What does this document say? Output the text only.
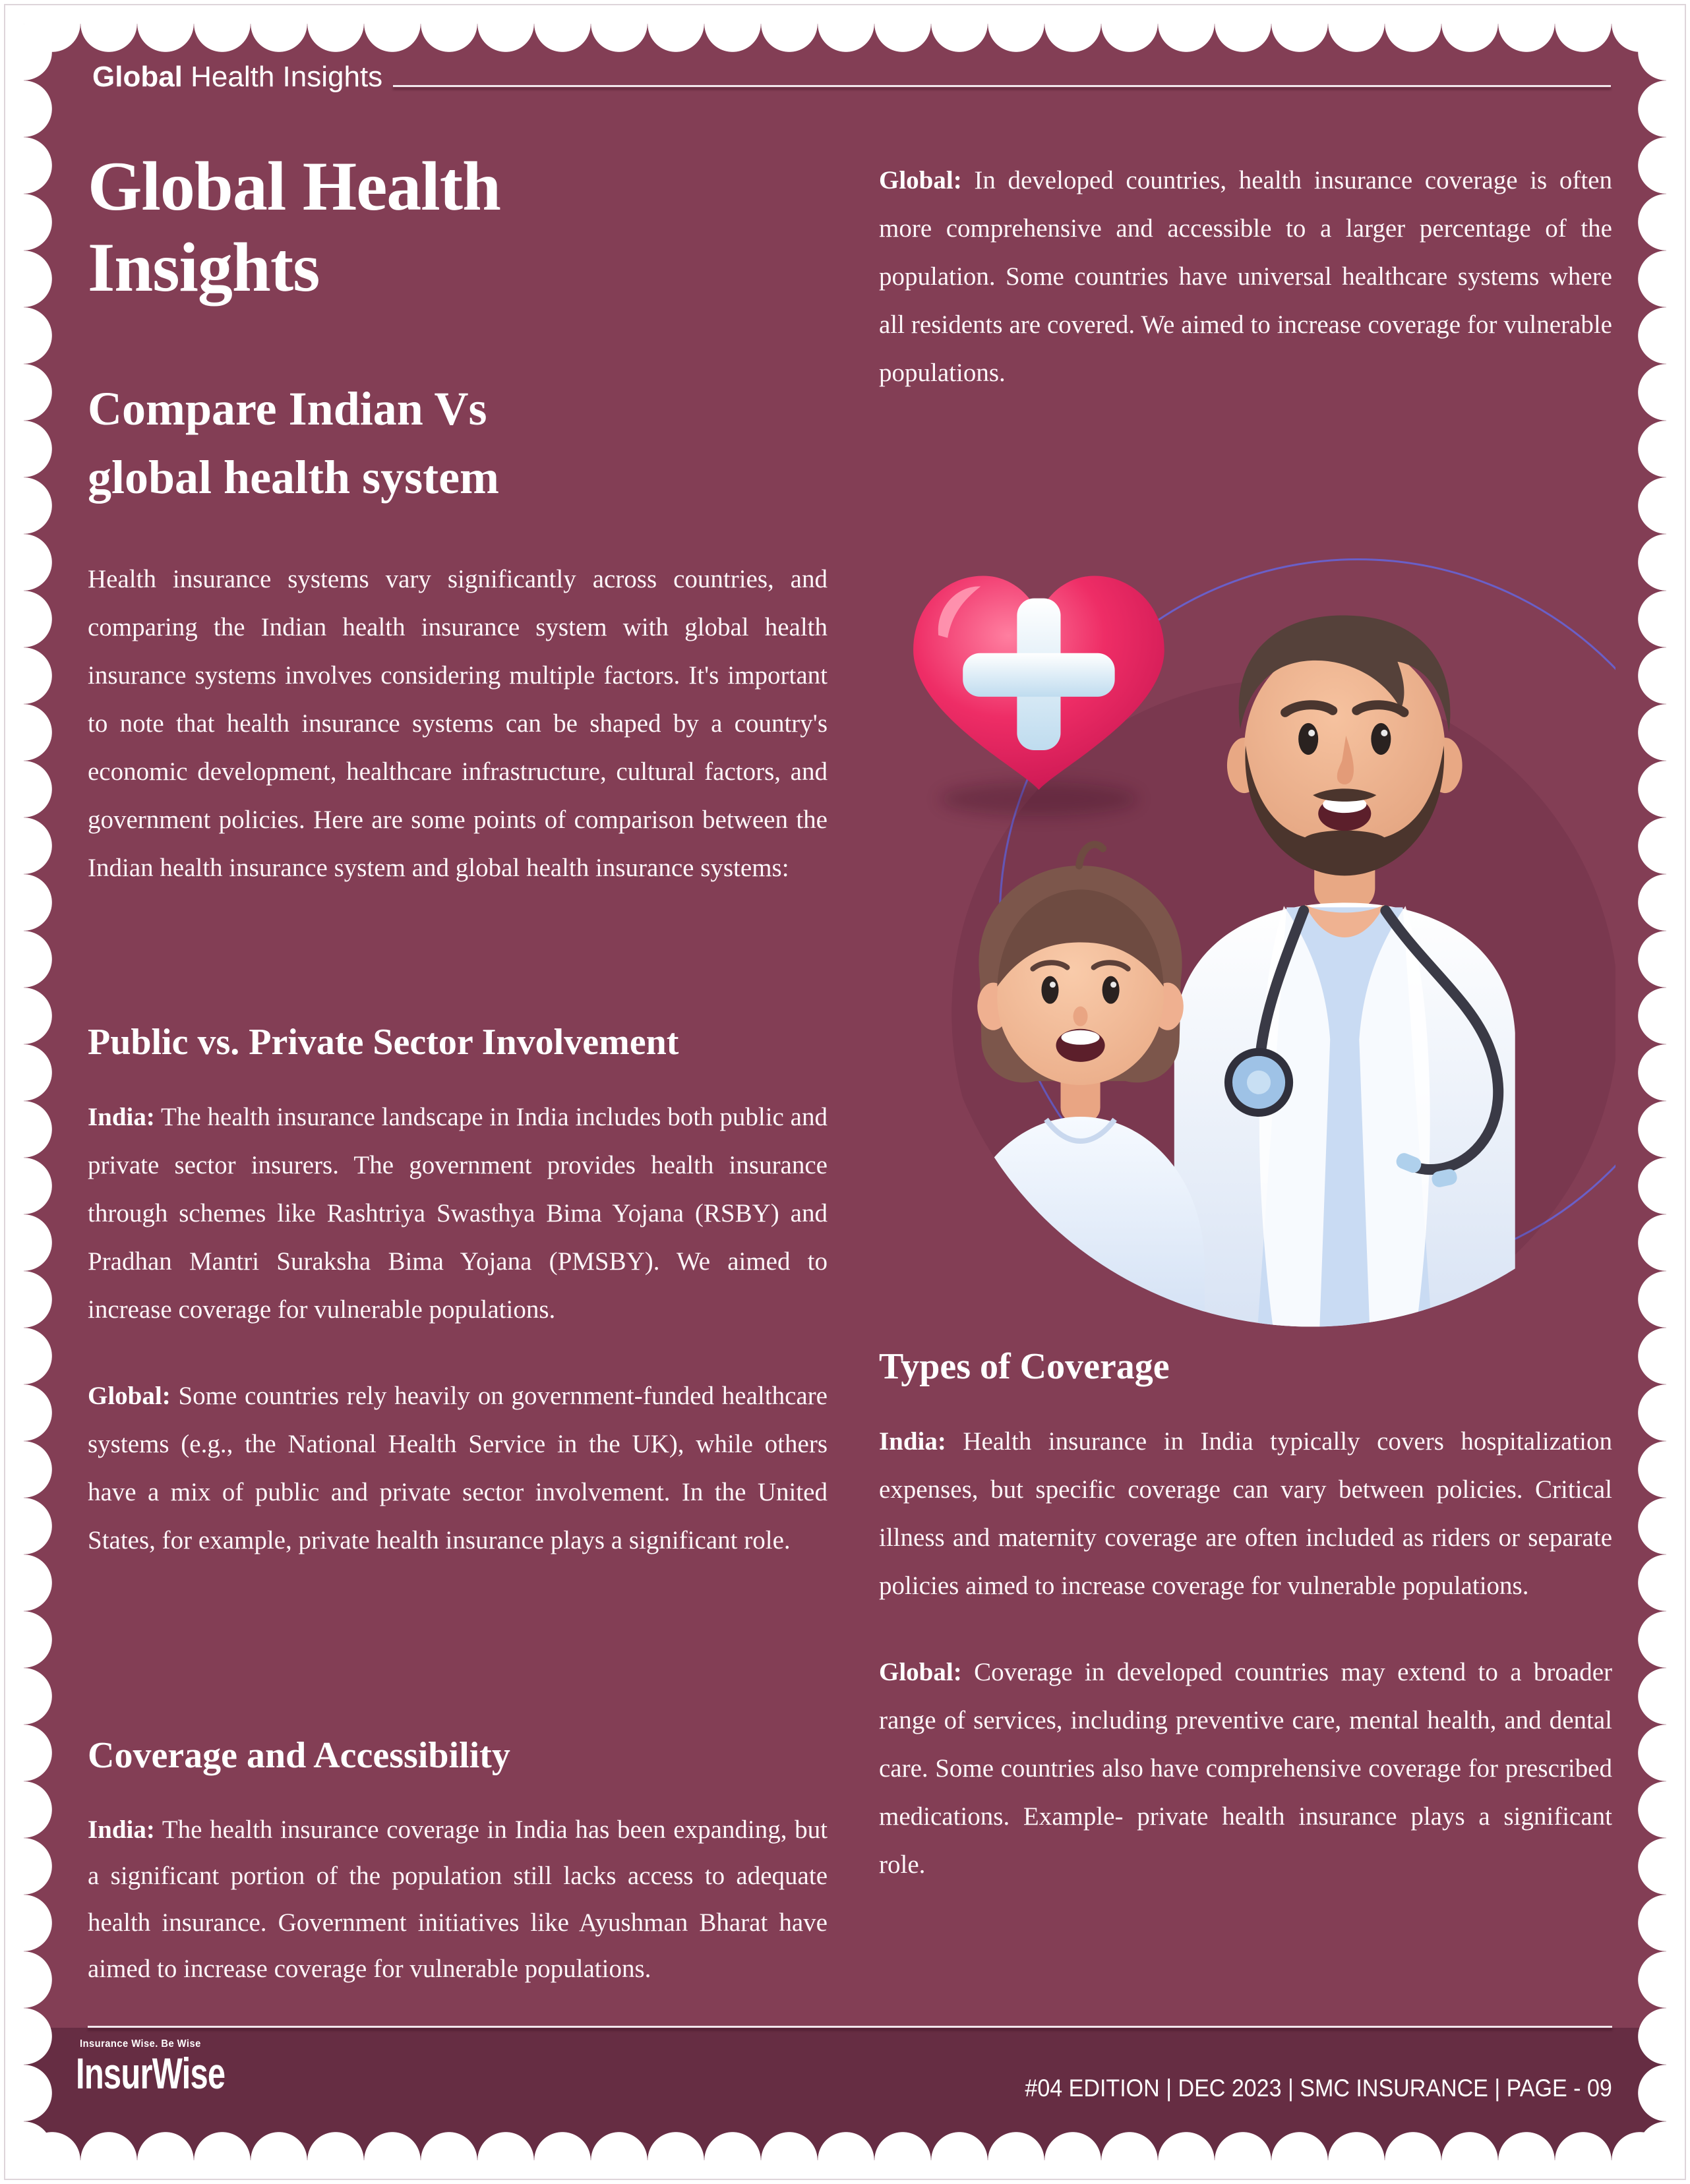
Global Health Insights
Global Health
Insights
Compare Indian Vs
global health system

Health insurance systems vary significantly across countries, and comparing the Indian health insurance system with global health insurance systems involves considering multiple factors. It's important to note that health insurance systems can be shaped by a country's economic development, healthcare infrastructure, cultural factors, and government policies. Here are some points of comparison between the Indian health insurance system and global health insurance systems:

Public vs. Private Sector Involvement

India: The health insurance landscape in India includes both public and private sector insurers. The government provides health insurance through schemes like Rashtriya Swasthya Bima Yojana (RSBY) and Pradhan Mantri Suraksha Bima Yojana (PMSBY). We aimed to increase coverage for vulnerable populations.

Global: Some countries rely heavily on government-funded healthcare systems (e.g., the National Health Service in the UK), while others have a mix of public and private sector involvement. In the United States, for example, private health insurance plays a significant role.

Coverage and Accessibility

India: The health insurance coverage in India has been expanding, but a significant portion of the population still lacks access to adequate health insurance. Government initiatives like Ayushman Bharat have aimed to increase coverage for vulnerable populations.

Global: In developed countries, health insurance coverage is often more comprehensive and accessible to a larger percentage of the population. Some countries have universal healthcare systems where all residents are covered. We aimed to increase coverage for vulnerable populations.

Types of Coverage

India: Health insurance in India typically covers hospitalization expenses, but specific coverage can vary between policies. Critical illness and maternity coverage are often included as riders or separate policies aimed to increase coverage for vulnerable populations.

Global: Coverage in developed countries may extend to a broader range of services, including preventive care, mental health, and dental care. Some countries also have comprehensive coverage for prescribed medications. Example- private health insurance plays a significant role.

Insurance Wise. Be Wise
InsurWise	#04 EDITION | DEC 2023 | SMC INSURANCE | PAGE - 09
